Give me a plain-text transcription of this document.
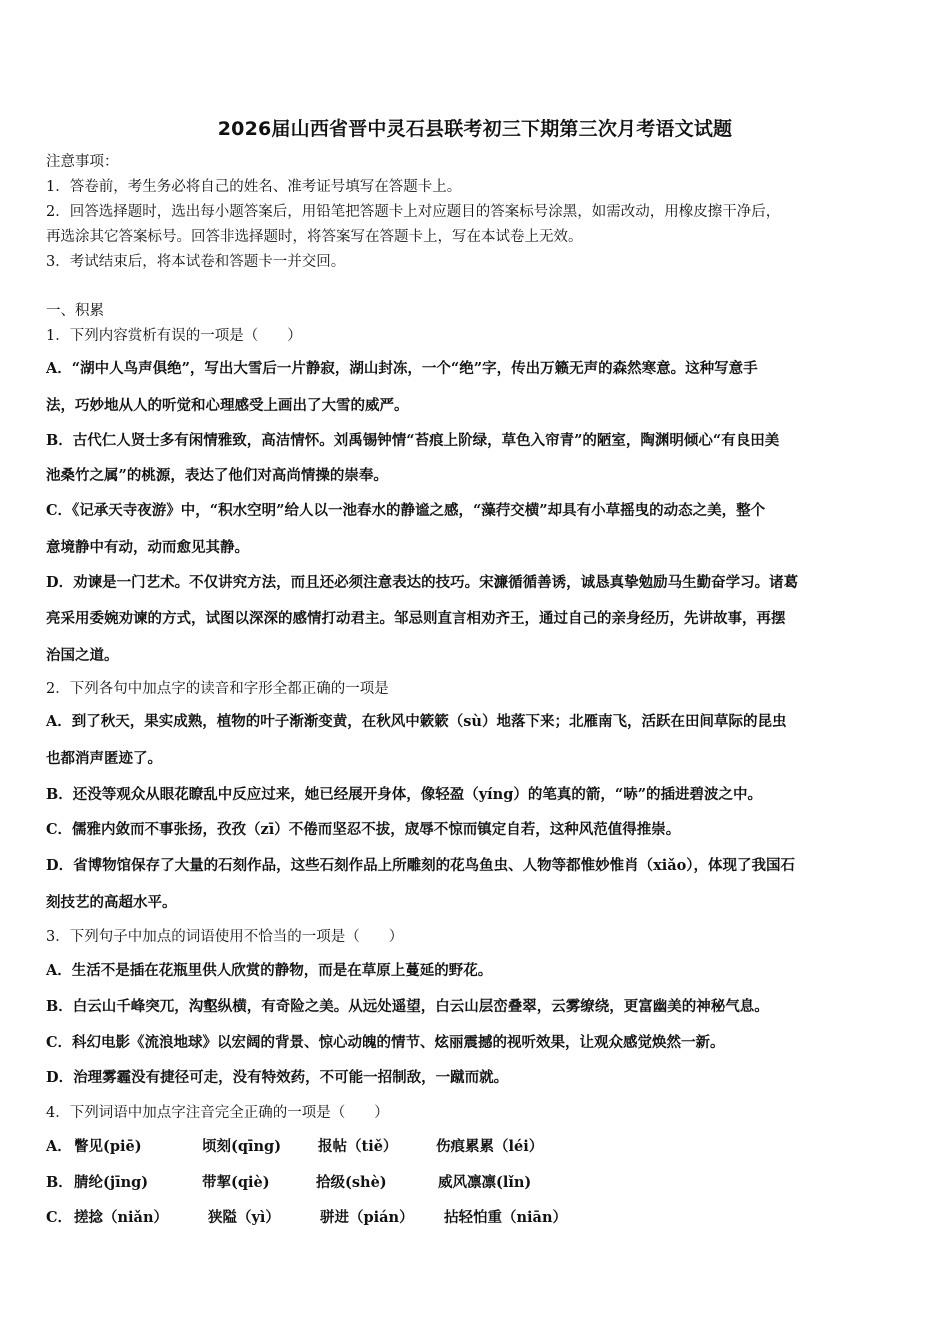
2026届山西省晋中灵石县联考初三下期第三次月考语文试题
注意事项：
1．答卷前，考生务必将自己的姓名、准考证号填写在答题卡上。
2．回答选择题时，选出每小题答案后，用铅笔把答题卡上对应题目的答案标号涂黑，如需改动，用橡皮擦干净后，
再选涂其它答案标号。回答非选择题时，将答案写在答题卡上，写在本试卷上无效。
3．考试结束后，将本试卷和答题卡一并交回。
一、积累
1．下列内容赏析有误的一项是（　　）
A．“湖中人鸟声俱绝”，写出大雪后一片静寂，湖山封冻，一个“绝”字，传出万籁无声的森然寒意。这种写意手
法，巧妙地从人的听觉和心理感受上画出了大雪的威严。
B．古代仁人贤士多有闲情雅致，高洁情怀。刘禹锡钟情“苔痕上阶绿，草色入帘青”的陋室，陶渊明倾心“有良田美
池桑竹之属”的桃源，表达了他们对高尚情操的崇奉。
C．《记承天寺夜游》中，“积水空明”给人以一池春水的静谧之感，“藻荇交横”却具有小草摇曳的动态之美，整个
意境静中有动，动而愈见其静。
D．劝谏是一门艺术。不仅讲究方法，而且还必须注意表达的技巧。宋濂循循善诱，诚恳真挚勉励马生勤奋学习。诸葛
亮采用委婉劝谏的方式，试图以深深的感情打动君主。邹忌则直言相劝齐王，通过自己的亲身经历，先讲故事，再摆
治国之道。
2．下列各句中加点字的读音和字形全都正确的一项是
A．到了秋天，果实成熟，植物的叶子渐渐变黄，在秋风中簌簌（sù）地落下来；北雁南飞，活跃在田间草际的昆虫
也都消声匿迹了。
B．还没等观众从眼花瞭乱中反应过来，她已经展开身体，像轻盈（yíng）的笔真的箭，“哧”的插进碧波之中。
C．儒雅内敛而不事张扬，孜孜（zī）不倦而坚忍不拔，宬辱不惊而镇定自若，这种风范值得推崇。
D．省博物馆保存了大量的石刻作品，这些石刻作品上所雕刻的花鸟鱼虫、人物等都惟妙惟肖（xiǎo），体现了我国石
刻技艺的高超水平。
3．下列句子中加点的词语使用不恰当的一项是（　　）
A．生活不是插在花瓶里供人欣赏的静物，而是在草原上蔓延的野花。
B．白云山千峰突兀，沟壑纵横，有奇险之美。从远处遥望，白云山层峦叠翠，云雾缭绕，更富幽美的神秘气息。
C．科幻电影《流浪地球》以宏阔的背景、惊心动魄的情节、炫丽震撼的视听效果，让观众感觉焕然一新。
D．治理雾霾没有捷径可走，没有特效药，不可能一招制敌，一蹴而就。
4．下列词语中加点字注音完全正确的一项是（　　）
A． 瞥见(piē)	顷刻(qīng)	报帖（tiě）	伤痕累累（léi）
B． 腈纶(jīng)	带挈(qiè)	拾级(shè)	威风凛凛(lǐn)
C． 搓捻（niǎn）	狭隘（yì）	骈进（pián） 拈轻怕重（niān）
